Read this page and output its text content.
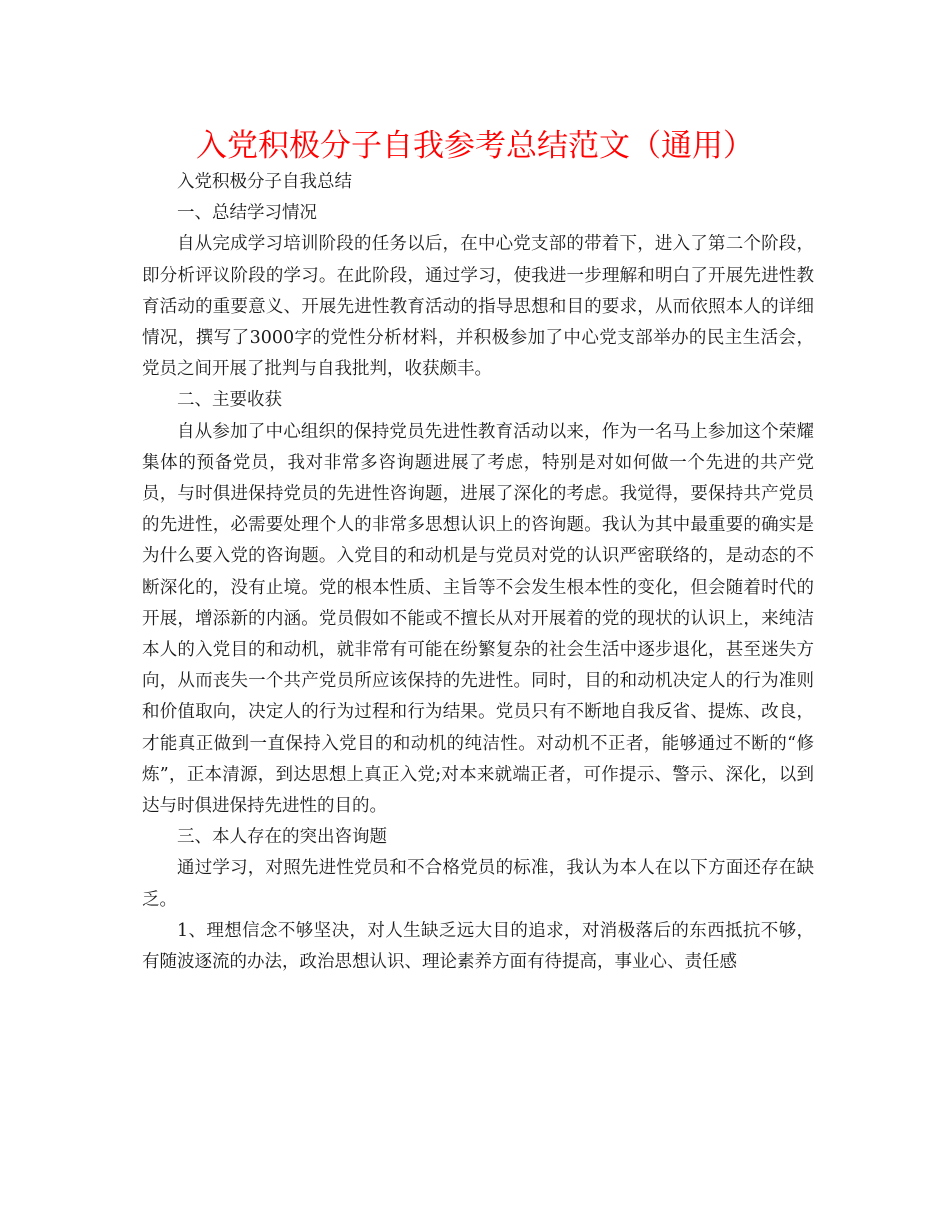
入党积极分子自我参考总结范文（通用）

入党积极分子自我总结

一、总结学习情况

自从完成学习培训阶段的任务以后，在中心党支部的带着下，进入了第二个阶段，即分析评议阶段的学习。在此阶段，通过学习，使我进一步理解和明白了开展先进性教育活动的重要意义、开展先进性教育活动的指导思想和目的要求，从而依照本人的详细情况，撰写了3000字的党性分析材料，并积极参加了中心党支部举办的民主生活会，党员之间开展了批判与自我批判，收获颇丰。

二、主要收获

自从参加了中心组织的保持党员先进性教育活动以来，作为一名马上参加这个荣耀集体的预备党员，我对非常多咨询题进展了考虑，特别是对如何做一个先进的共产党员，与时俱进保持党员的先进性咨询题，进展了深化的考虑。我觉得，要保持共产党员的先进性，必需要处理个人的非常多思想认识上的咨询题。我认为其中最重要的确实是为什么要入党的咨询题。入党目的和动机是与党员对党的认识严密联络的，是动态的不断深化的，没有止境。党的根本性质、主旨等不会发生根本性的变化，但会随着时代的开展，增添新的内涵。党员假如不能或不擅长从对开展着的党的现状的认识上，来纯洁本人的入党目的和动机，就非常有可能在纷繁复杂的社会生活中逐步退化，甚至迷失方向，从而丧失一个共产党员所应该保持的先进性。同时，目的和动机决定人的行为准则和价值取向，决定人的行为过程和行为结果。党员只有不断地自我反省、提炼、改良，才能真正做到一直保持入党目的和动机的纯洁性。对动机不正者，能够通过不断的“修炼”，正本清源，到达思想上真正入党;对本来就端正者，可作提示、警示、深化，以到达与时俱进保持先进性的目的。

三、本人存在的突出咨询题

通过学习，对照先进性党员和不合格党员的标准，我认为本人在以下方面还存在缺乏。

1、理想信念不够坚决，对人生缺乏远大目的追求，对消极落后的东西抵抗不够，有随波逐流的办法，政治思想认识、理论素养方面有待提高，事业心、责任感
